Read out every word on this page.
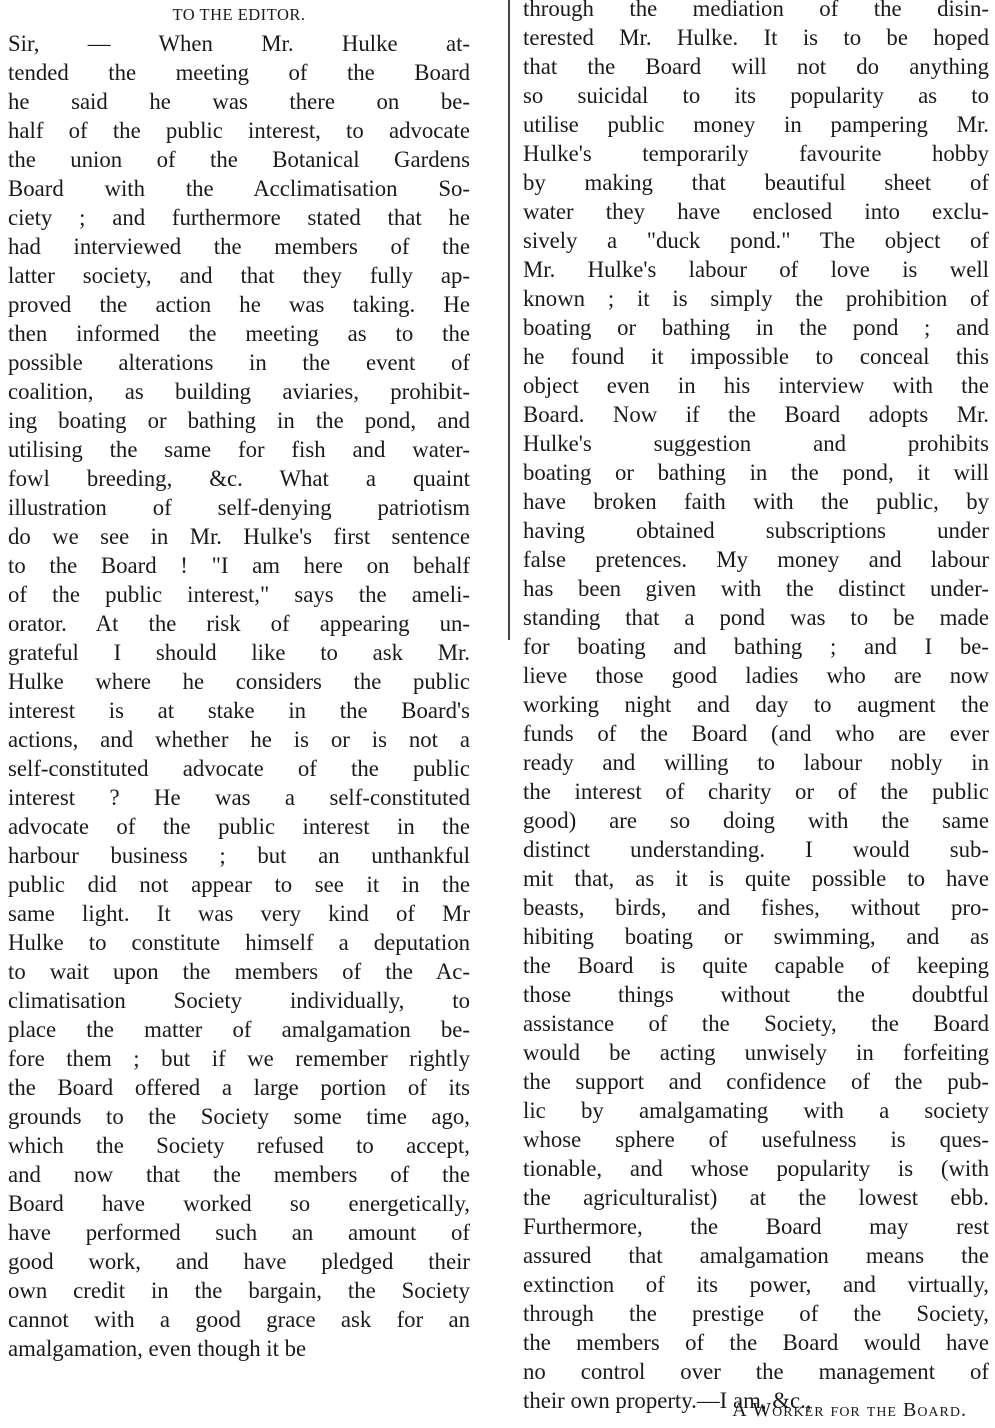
TO THE EDITOR.
Sir, — When Mr. Hulke at-
tended the meeting of the Board
he said he was there on be-
half of the public interest, to advocate
the union of the Botanical Gardens
Board with the Acclimatisation So-
ciety ; and furthermore stated that he
had interviewed the members of the
latter society, and that they fully ap-
proved the action he was taking. He
then informed the meeting as to the
possible alterations in the event of
coalition, as building aviaries, prohibit-
ing boating or bathing in the pond, and
utilising the same for fish and water-
fowl breeding, &c. What a quaint
illustration of self-denying patriotism
do we see in Mr. Hulke's first sentence
to the Board ! "I am here on behalf
of the public interest," says the ameli-
orator. At the risk of appearing un-
grateful I should like to ask Mr.
Hulke where he considers the public
interest is at stake in the Board's
actions, and whether he is or is not a
self-constituted advocate of the public
interest ? He was a self-constituted
advocate of the public interest in the
harbour business ; but an unthankful
public did not appear to see it in the
same light. It was very kind of Mr
Hulke to constitute himself a deputation
to wait upon the members of the Ac-
climatisation Society individually, to
place the matter of amalgamation be-
fore them ; but if we remember rightly
the Board offered a large portion of its
grounds to the Society some time ago,
which the Society refused to accept,
and now that the members of the
Board have worked so energetically,
have performed such an amount of
good work, and have pledged their
own credit in the bargain, the Society
cannot with a good grace ask for an
amalgamation, even though it be
through the mediation of the disin-
terested Mr. Hulke. It is to be hoped
that the Board will not do anything
so suicidal to its popularity as to
utilise public money in pampering Mr.
Hulke's temporarily favourite hobby
by making that beautiful sheet of
water they have enclosed into exclu-
sively a "duck pond." The object of
Mr. Hulke's labour of love is well
known ; it is simply the prohibition of
boating or bathing in the pond ; and
he found it impossible to conceal this
object even in his interview with the
Board. Now if the Board adopts Mr.
Hulke's suggestion and prohibits
boating or bathing in the pond, it will
have broken faith with the public, by
having obtained subscriptions under
false pretences. My money and labour
has been given with the distinct under-
standing that a pond was to be made
for boating and bathing ; and I be-
lieve those good ladies who are now
working night and day to augment the
funds of the Board (and who are ever
ready and willing to labour nobly in
the interest of charity or of the public
good) are so doing with the same
distinct understanding. I would sub-
mit that, as it is quite possible to have
beasts, birds, and fishes, without pro-
hibiting boating or swimming, and as
the Board is quite capable of keeping
those things without the doubtful
assistance of the Society, the Board
would be acting unwisely in forfeiting
the support and confidence of the pub-
lic by amalgamating with a society
whose sphere of usefulness is ques-
tionable, and whose popularity is (with
the agriculturalist) at the lowest ebb.
Furthermore, the Board may rest
assured that amalgamation means the
extinction of its power, and virtually,
through the prestige of the Society,
the members of the Board would have
no control over the management of
their own property.—I am, &c.,
A Worker for the Board.
